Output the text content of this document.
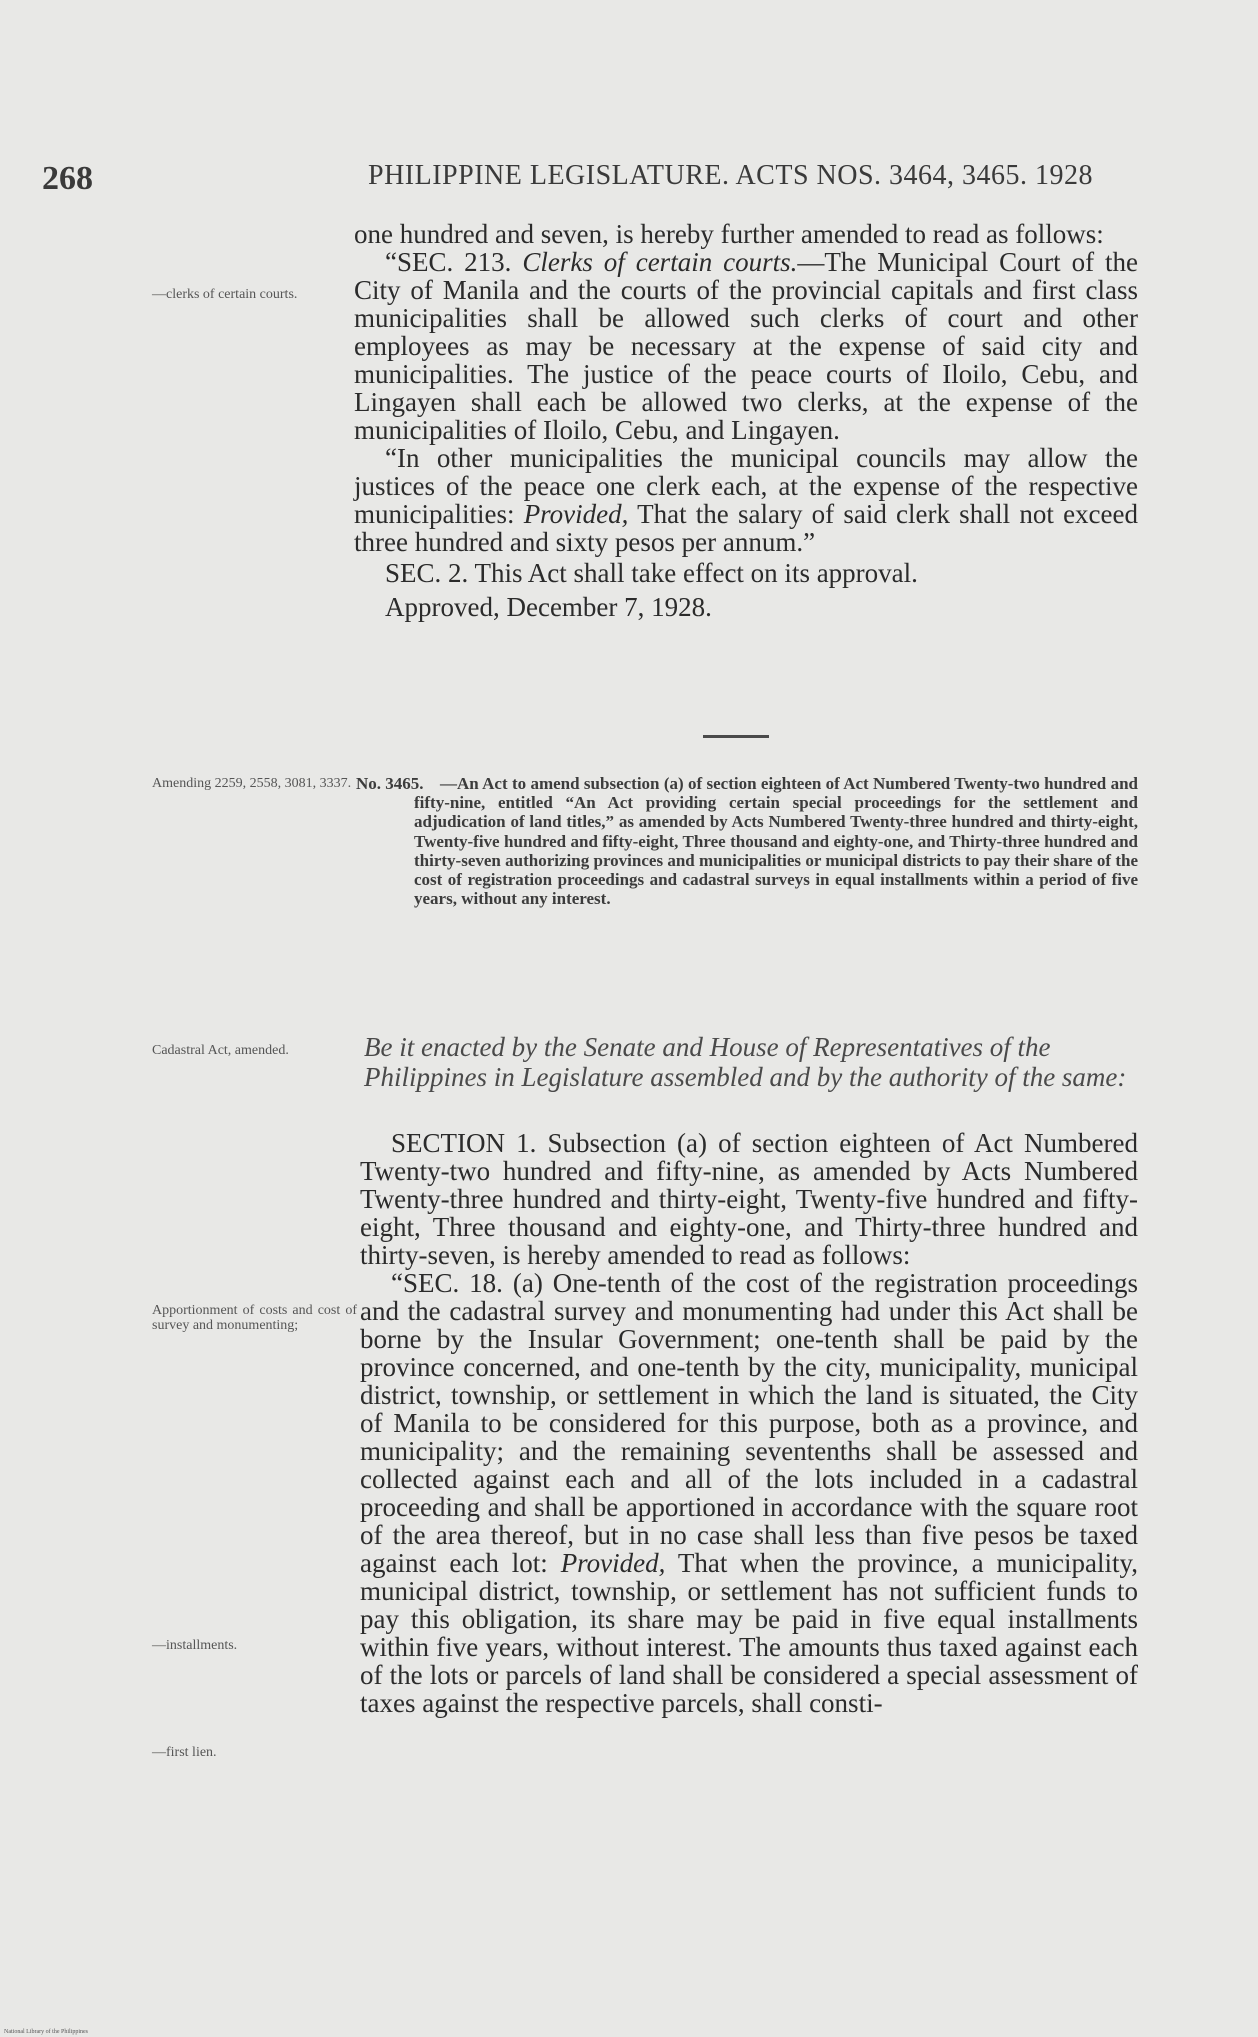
268	PHILIPPINE LEGISLATURE. ACTS NOS. 3464, 3465. 1928

one hundred and seven, is hereby further amended to read as follows:

“SEC. 213. Clerks of certain courts.—The Municipal Court of the City of Manila and the courts of the provincial capitals and first class municipalities shall be allowed such clerks of court and other employees as may be necessary at the expense of said city and municipalities. The justice of the peace courts of Iloilo, Cebu, and Lingayen shall each be allowed two clerks, at the expense of the municipalities of Iloilo, Cebu, and Lingayen.

“In other municipalities the municipal councils may allow the justices of the peace one clerk each, at the expense of the respective municipalities: Provided, That the salary of said clerk shall not exceed three hundred and sixty pesos per annum.”

SEC. 2. This Act shall take effect on its approval.

Approved, December 7, 1928.

—clerks of certain courts.
Amending 2259, 2558, 3081, 3337. No. 3465. —An Act to amend subsection (a) of section eighteen of Act Numbered Twenty-two hundred and fifty-nine, entitled “An Act providing certain special proceedings for the settlement and adjudication of land titles,” as amended by Acts Numbered Twenty-three hundred and thirty-eight, Twenty-five hundred and fifty-eight, Three thousand and eighty-one, and Thirty-three hundred and thirty-seven authorizing provinces and municipalities or municipal districts to pay their share of the cost of registration proceedings and cadastral surveys in equal installments within a period of five years, without any interest.
Cadastral Act, amended.	Be it enacted by the Senate and House of Representatives of the Philippines in Legislature assembled and by the authority of the same:

SECTION 1. Subsection (a) of section eighteen of Act Numbered Twenty-two hundred and fifty-nine, as amended by Acts Numbered Twenty-three hundred and thirty-eight, Twenty-five hundred and fifty-eight, Three thousand and eighty-one, and Thirty-three hundred and thirty-seven, is hereby amended to read as follows:

“SEC. 18. (a) One-tenth of the cost of the registration proceedings and the cadastral survey and monumenting had under this Act shall be borne by the Insular Government; one-tenth shall be paid by the province concerned, and one-tenth by the city, municipality, municipal district, township, or settlement in which the land is situated, the City of Manila to be considered for this purpose, both as a province, and municipality; and the remaining seventenths shall be assessed and collected against each and all of the lots included in a cadastral proceeding and shall be apportioned in accordance with the square root of the area thereof, but in no case shall less than five pesos be taxed against each lot: Provided, That when the province, a municipality, municipal district, township, or settlement has not sufficient funds to pay this obligation, its share may be paid in five equal installments within five years, without interest. The amounts thus taxed against each of the lots or parcels of land shall be considered a special assessment of taxes against the respective parcels, shall consti-

Apportionment of costs and cost of survey and monumenting;
—installments.
—first lien.
National Library of the Philippines
